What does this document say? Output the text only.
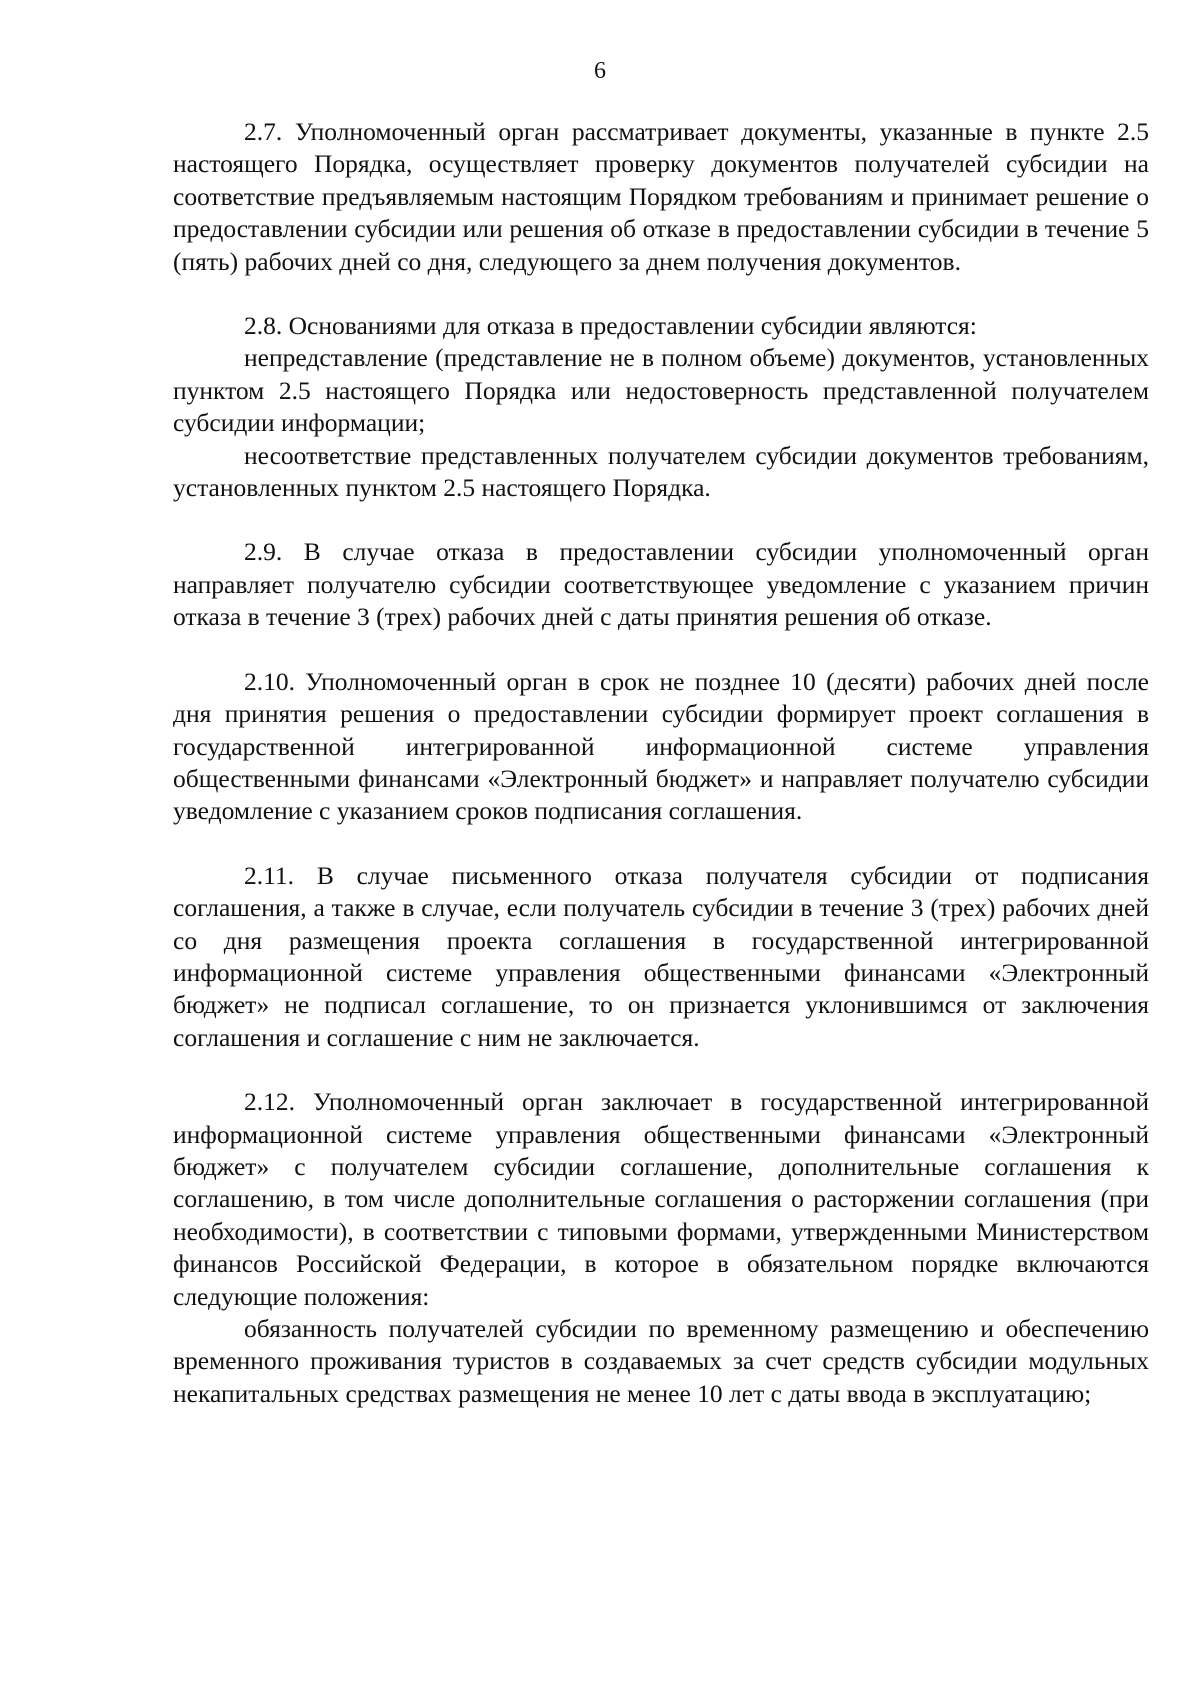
6

2.7. Уполномоченный орган рассматривает документы, указанные в пункте 2.5 настоящего Порядка, осуществляет проверку документов получателей субсидии на соответствие предъявляемым настоящим Порядком требованиям и принимает решение о предоставлении субсидии или решения об отказе в предоставлении субсидии в течение 5 (пять) рабочих дней со дня, следующего за днем получения документов.

2.8. Основаниями для отказа в предоставлении субсидии являются:

непредставление (представление не в полном объеме) документов, установленных пунктом 2.5 настоящего Порядка или недостоверность представленной получателем субсидии информации;

несоответствие представленных получателем субсидии документов требованиям, установленных пунктом 2.5 настоящего Порядка.

2.9. В случае отказа в предоставлении субсидии уполномоченный орган направляет получателю субсидии соответствующее уведомление с указанием причин отказа в течение 3 (трех) рабочих дней с даты принятия решения об отказе.

2.10. Уполномоченный орган в срок не позднее 10 (десяти) рабочих дней после дня принятия решения о предоставлении субсидии формирует проект соглашения в государственной интегрированной информационной системе управления общественными финансами «Электронный бюджет» и направляет получателю субсидии уведомление с указанием сроков подписания соглашения.

2.11. В случае письменного отказа получателя субсидии от подписания соглашения, а также в случае, если получатель субсидии в течение 3 (трех) рабочих дней со дня размещения проекта соглашения в государственной интегрированной информационной системе управления общественными финансами «Электронный бюджет» не подписал соглашение, то он признается уклонившимся от заключения соглашения и соглашение с ним не заключается.

2.12. Уполномоченный орган заключает в государственной интегрированной информационной системе управления общественными финансами «Электронный бюджет» с получателем субсидии соглашение, дополнительные соглашения к соглашению, в том числе дополнительные соглашения о расторжении соглашения (при необходимости), в соответствии с типовыми формами, утвержденными Министерством финансов Российской Федерации, в которое в обязательном порядке включаются следующие положения:

обязанность получателей субсидии по временному размещению и обеспечению временного проживания туристов в создаваемых за счет средств субсидии модульных некапитальных средствах размещения не менее 10 лет с даты ввода в эксплуатацию;
